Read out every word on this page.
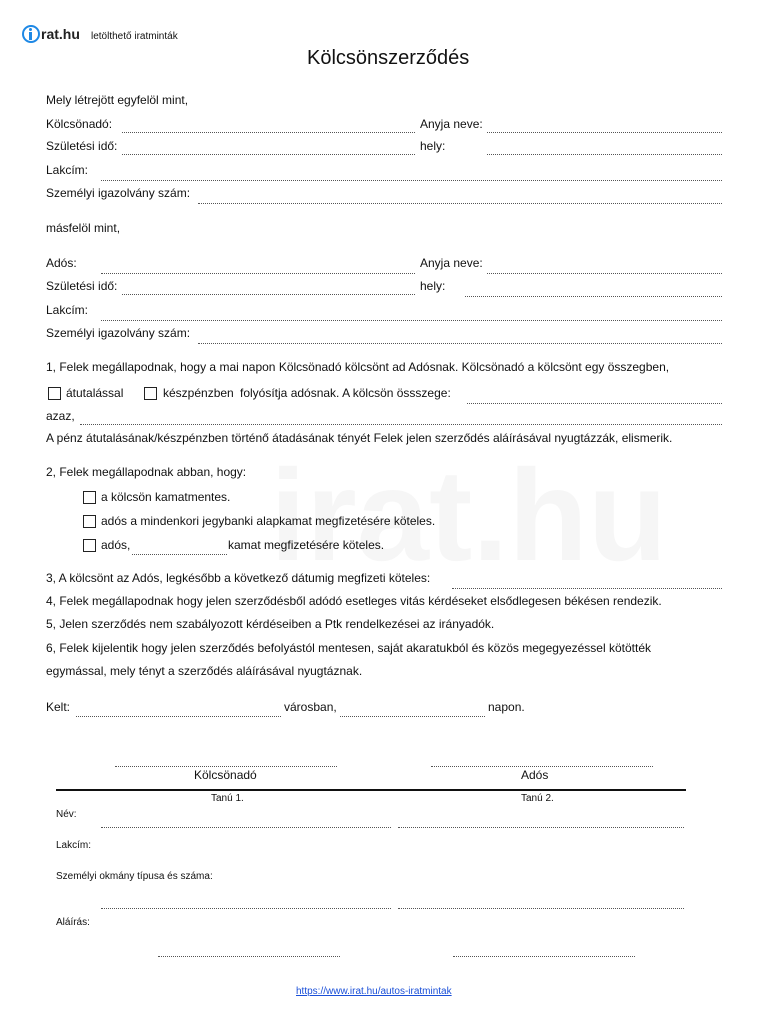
rat.hu letölthető iratminták
Kölcsönszerződés
Mely létrejött egyfelöl mint,
Kölcsönadó:	Anyja neve:
Születési idő:	hely:
Lakcím:
Személyi igazolvány szám:
másfelöl mint,
Adós:	Anyja neve:
Születési idő:	hely:
Lakcím:
Személyi igazolvány szám:
1, Felek megállapodnak, hogy a mai napon Kölcsönadó kölcsönt ad Adósnak. Kölcsönadó a kölcsönt egy összegben,
átutalással	készpénzben folyósítja adósnak. A kölcsön össszege:
azaz,
A pénz átutalásának/készpénzben történő átadásának tényét Felek jelen szerződés aláírásával nyugtázzák, elismerik.
2, Felek megállapodnak abban, hogy:
a kölcsön kamatmentes.
adós a mindenkori jegybanki alapkamat megfizetésére köteles.
adós,	kamat megfizetésére köteles.
3, A kölcsönt az Adós, legkésőbb a következő dátumig megfizeti köteles:
4, Felek megállapodnak hogy jelen szerződésből adódó esetleges vitás kérdéseket elsődlegesen békésen rendezik.
5, Jelen szerződés nem szabályozott kérdéseiben a Ptk rendelkezései az irányadók.
6, Felek kijelentik hogy jelen szerződés befolyástól mentesen, saját akaratukból és közös megegyezéssel kötötték
egymással, mely tényt a szerződés aláírásával nyugtáznak.
Kelt:	városban,	napon.
Kölcsönadó	Adós
Tanú 1.	Tanú 2.
Név:
Lakcím:
Személyi okmány típusa és száma:
Aláírás:
https://www.irat.hu/autos-iratmintak
